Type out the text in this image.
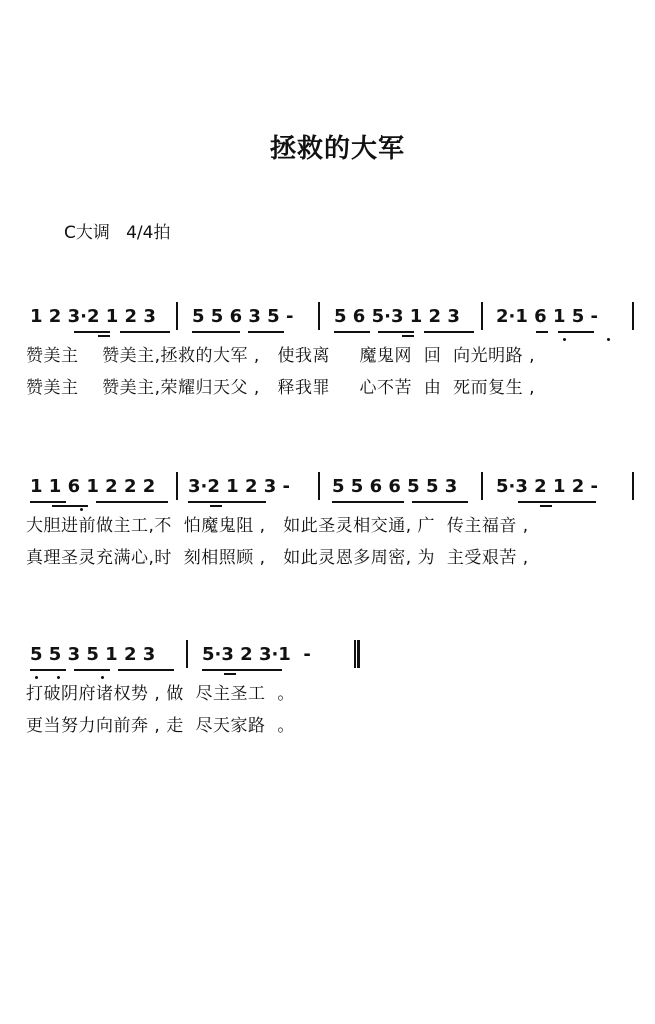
拯救的大军
C大调   4/4拍

1 2 3·2 1 2 3

5 5 6 3 5 -

5 6 5·3 1 2 3

2·1 6 1 5 -

赞美主    赞美主,拯救的大军 ,   使我离     魔鬼网  回  向光明路 ,
赞美主    赞美主,荣耀归天父 ,   释我罪     心不苦  由  死而复生 ,

1 1 6 1 2 2 2

3·2 1 2 3 -

5 5 6 6 5 5 3

5·3 2 1 2 -

大胆进前做主工,不  怕魔鬼阻 ,   如此圣灵相交通, 广  传主福音 ,
真理圣灵充满心,时  刻相照顾 ,   如此灵恩多周密, 为  主受艰苦 ,

5 5 3 5 1 2 3

	5·3 2 3·1  -

打破阴府诸权势 , 做  尽主圣工  。
更当努力向前奔 , 走  尽天家路  。
